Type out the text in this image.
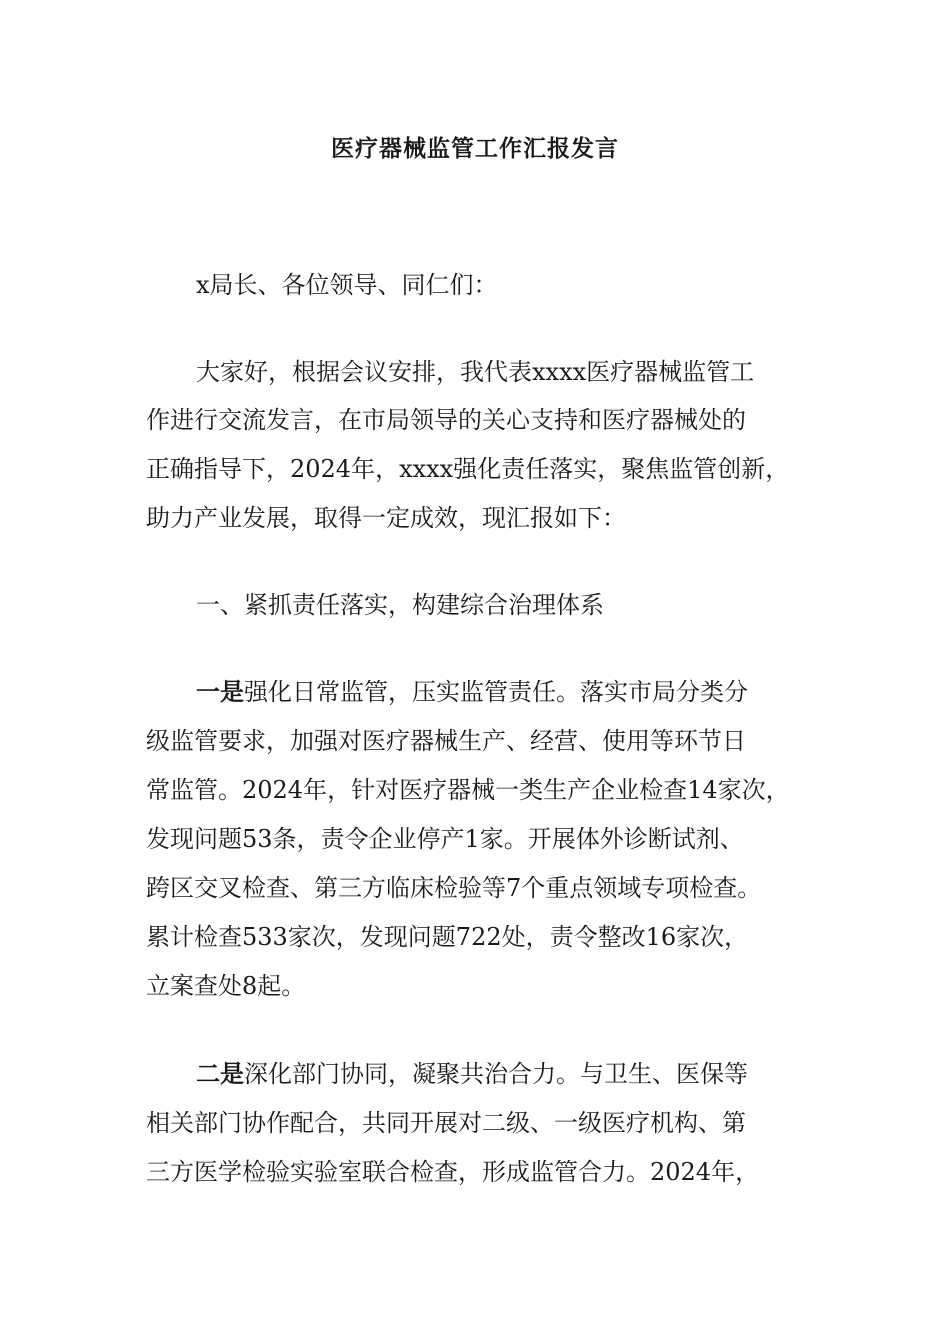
医疗器械监管工作汇报发言
x局长、各位领导、同仁们：
大家好，根据会议安排，我代表xxxx医疗器械监管工
作进行交流发言，在市局领导的关心支持和医疗器械处的
正确指导下，2024年，xxxx强化责任落实，聚焦监管创新，
助力产业发展，取得一定成效，现汇报如下：
一、紧抓责任落实，构建综合治理体系
一是强化日常监管，压实监管责任。落实市局分类分
级监管要求，加强对医疗器械生产、经营、使用等环节日
常监管。2024年，针对医疗器械一类生产企业检查14家次，
发现问题53条，责令企业停产1家。开展体外诊断试剂、
跨区交叉检查、第三方临床检验等7个重点领域专项检查。
累计检查533家次，发现问题722处，责令整改16家次，
立案查处8起。
二是深化部门协同，凝聚共治合力。与卫生、医保等
相关部门协作配合，共同开展对二级、一级医疗机构、第
三方医学检验实验室联合检查，形成监管合力。2024年，
